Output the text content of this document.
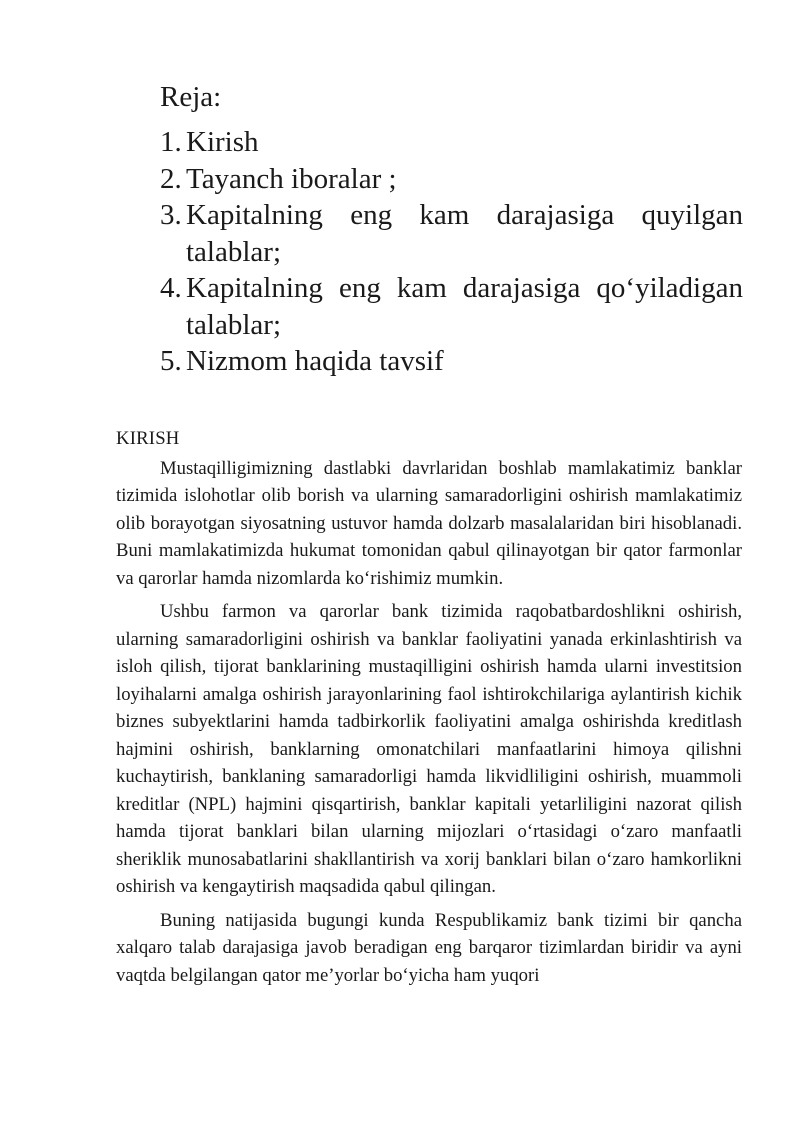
Reja:
1. Kirish
2. Tayanch iboralar ;
3. Kapitalning eng kam darajasiga quyilgan talablar;
4. Kapitalning eng kam darajasiga qo‘yiladigan talablar;
5. Nizmom haqida tavsif
KIRISH

Mustaqilligimizning dastlabki davrlaridan boshlab mamlakatimiz banklar tizimida islohotlar olib borish va ularning samaradorligini oshirish mamlakatimiz olib borayotgan siyosatning ustuvor hamda dolzarb masalalaridan biri hisoblanadi. Buni mamlakatimizda hukumat tomonidan qabul qilinayotgan bir qator farmonlar va qarorlar hamda nizomlarda ko‘rishimiz mumkin.

Ushbu farmon va qarorlar bank tizimida raqobatbardoshlikni oshirish, ularning samaradorligini oshirish va banklar faoliyatini yanada erkinlashtirish va isloh qilish, tijorat banklarining mustaqilligini oshirish hamda ularni investitsion loyihalarni amalga oshirish jarayonlarining faol ishtirokchilariga aylantirish kichik biznes subyektlarini hamda tadbirkorlik faoliyatini amalga oshirishda kreditlash hajmini oshirish, banklarning omonatchilari manfaatlarini himoya qilishni kuchaytirish, banklaning samaradorligi hamda likvidliligini oshirish, muammoli kreditlar (NPL) hajmini qisqartirish, banklar kapitali yetarliligini nazorat qilish hamda tijorat banklari bilan ularning mijozlari o‘rtasidagi o‘zaro manfaatli sheriklik munosabatlarini shakllantirish va xorij banklari bilan o‘zaro hamkorlikni oshirish va kengaytirish maqsadida qabul qilingan.

Buning natijasida bugungi kunda Respublikamiz bank tizimi bir qancha xalqaro talab darajasiga javob beradigan eng barqaror tizimlardan biridir va ayni vaqtda belgilangan qator me’yorlar bo‘yicha ham yuqori
